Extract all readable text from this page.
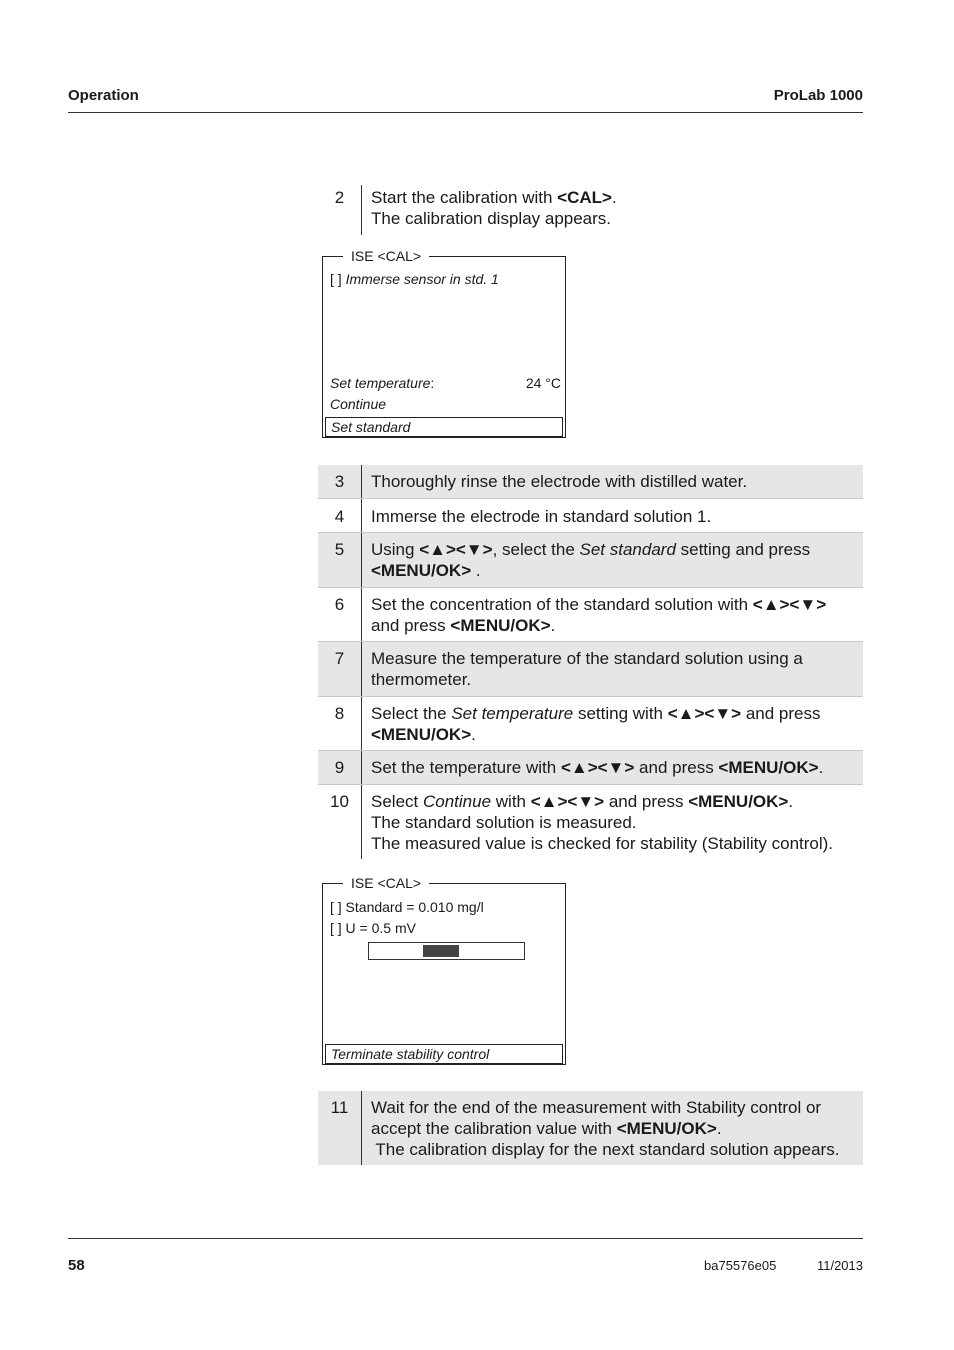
Operation	ProLab 1000
2	Start the calibration with <CAL>.
The calibration display appears.
ISE <CAL>
[ ] Immerse sensor in std. 1
Set temperature:	24 °C
Continue
Set standard
3	Thoroughly rinse the electrode with distilled water.
4	Immerse the electrode in standard solution 1.
5	Using <▲><▼>, select the Set standard setting and press
<MENU/OK> .
6	Set the concentration of the standard solution with <▲><▼>
and press <MENU/OK>.
7	Measure the temperature of the standard solution using a
thermometer.
8	Select the Set temperature setting with <▲><▼> and press
<MENU/OK>.
9	Set the temperature with <▲><▼> and press <MENU/OK>.
10	Select Continue with <▲><▼> and press <MENU/OK>.
The standard solution is measured.
The measured value is checked for stability (Stability control).
ISE <CAL>
[ ] Standard = 0.010 mg/l
[ ] U = 0.5 mV
Terminate stability control
11	Wait for the end of the measurement with Stability control or
accept the calibration value with <MENU/OK>.
The calibration display for the next standard solution appears.
58	ba75576e05	11/2013
